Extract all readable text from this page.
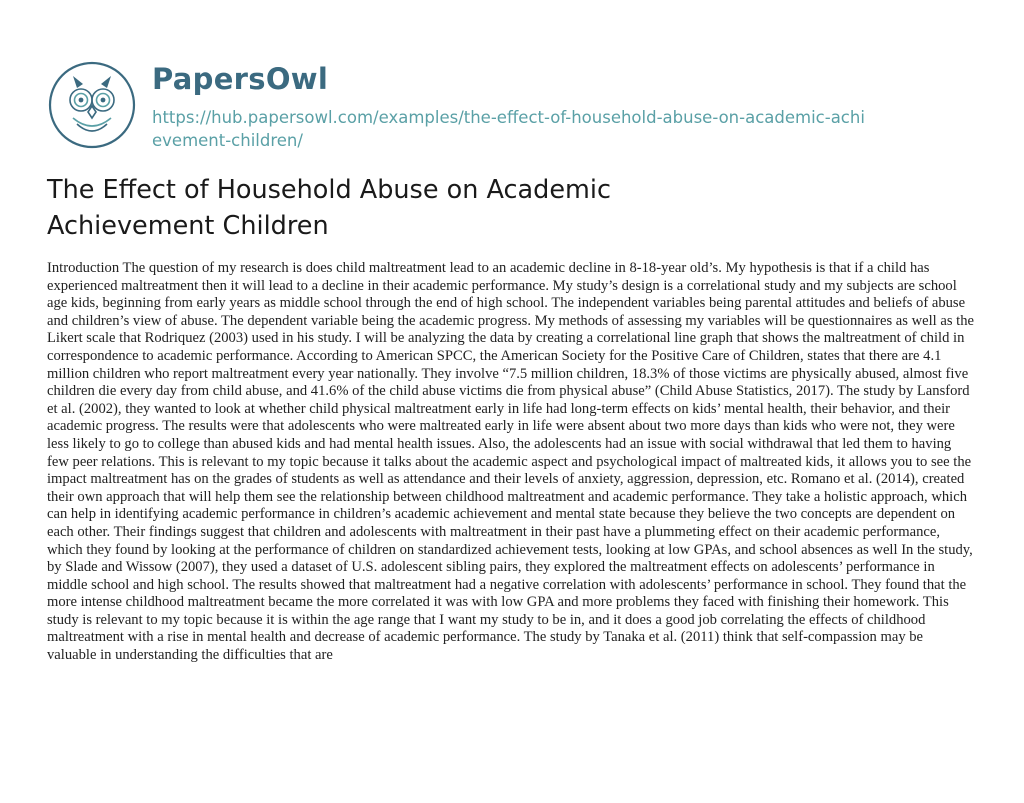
PapersOwl
https://hub.papersowl.com/examples/the-effect-of-household-abuse-on-academic-achievement-children/
The Effect of Household Abuse on Academic Achievement Children

Introduction The question of my research is does child maltreatment lead to an academic decline in 8-18-year old’s. My hypothesis is that if a child has experienced maltreatment then it will lead to a decline in their academic performance. My study’s design is a correlational study and my subjects are school age kids, beginning from early years as middle school through the end of high school. The independent variables being parental attitudes and beliefs of abuse and children’s view of abuse. The dependent variable being the academic progress. My methods of assessing my variables will be questionnaires as well as the Likert scale that Rodriquez (2003) used in his study. I will be analyzing the data by creating a correlational line graph that shows the maltreatment of child in correspondence to academic performance. According to American SPCC, the American Society for the Positive Care of Children, states that there are 4.1 million children who report maltreatment every year nationally. They involve “7.5 million children, 18.3% of those victims are physically abused, almost five children die every day from child abuse, and 41.6% of the child abuse victims die from physical abuse” (Child Abuse Statistics, 2017). The study by Lansford et al. (2002), they wanted to look at whether child physical maltreatment early in life had long-term effects on kids’ mental health, their behavior, and their academic progress. The results were that adolescents who were maltreated early in life were absent about two more days than kids who were not, they were less likely to go to college than abused kids and had mental health issues. Also, the adolescents had an issue with social withdrawal that led them to having few peer relations. This is relevant to my topic because it talks about the academic aspect and psychological impact of maltreated kids, it allows you to see the impact maltreatment has on the grades of students as well as attendance and their levels of anxiety, aggression, depression, etc. Romano et al. (2014), created their own approach that will help them see the relationship between childhood maltreatment and academic performance. They take a holistic approach, which can help in identifying academic performance in children’s academic achievement and mental state because they believe the two concepts are dependent on each other. Their findings suggest that children and adolescents with maltreatment in their past have a plummeting effect on their academic performance, which they found by looking at the performance of children on standardized achievement tests, looking at low GPAs, and school absences as well In the study, by Slade and Wissow (2007), they used a dataset of U.S. adolescent sibling pairs, they explored the maltreatment effects on adolescents’ performance in middle school and high school. The results showed that maltreatment had a negative correlation with adolescents’ performance in school. They found that the more intense childhood maltreatment became the more correlated it was with low GPA and more problems they faced with finishing their homework. This study is relevant to my topic because it is within the age range that I want my study to be in, and it does a good job correlating the effects of childhood maltreatment with a rise in mental health and decrease of academic performance. The study by Tanaka et al. (2011) think that self-compassion may be valuable in understanding the difficulties that are
